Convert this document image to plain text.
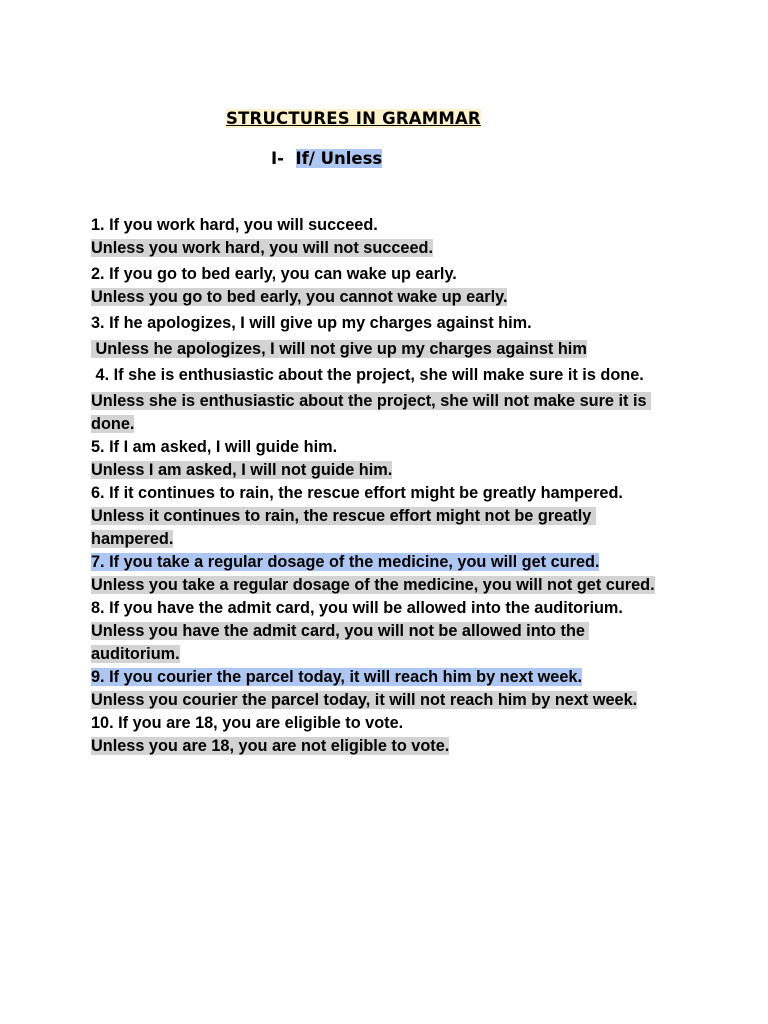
STRUCTURES IN GRAMMAR
I- If/ Unless

1. If you work hard, you will succeed.

Unless you work hard, you will not succeed.

2. If you go to bed early, you can wake up early.

Unless you go to bed early, you cannot wake up early.

3. If he apologizes, I will give up my charges against him.

Unless he apologizes, I will not give up my charges against him

4. If she is enthusiastic about the project, she will make sure it is done.

Unless she is enthusiastic about the project, she will not make sure it is done.

5. If I am asked, I will guide him.

Unless I am asked, I will not guide him.

6. If it continues to rain, the rescue effort might be greatly hampered.

Unless it continues to rain, the rescue effort might not be greatly hampered.

7. If you take a regular dosage of the medicine, you will get cured.

Unless you take a regular dosage of the medicine, you will not get cured.

8. If you have the admit card, you will be allowed into the auditorium.

Unless you have the admit card, you will not be allowed into the auditorium.

9. If you courier the parcel today, it will reach him by next week.

Unless you courier the parcel today, it will not reach him by next week.

10. If you are 18, you are eligible to vote.

Unless you are 18, you are not eligible to vote.
